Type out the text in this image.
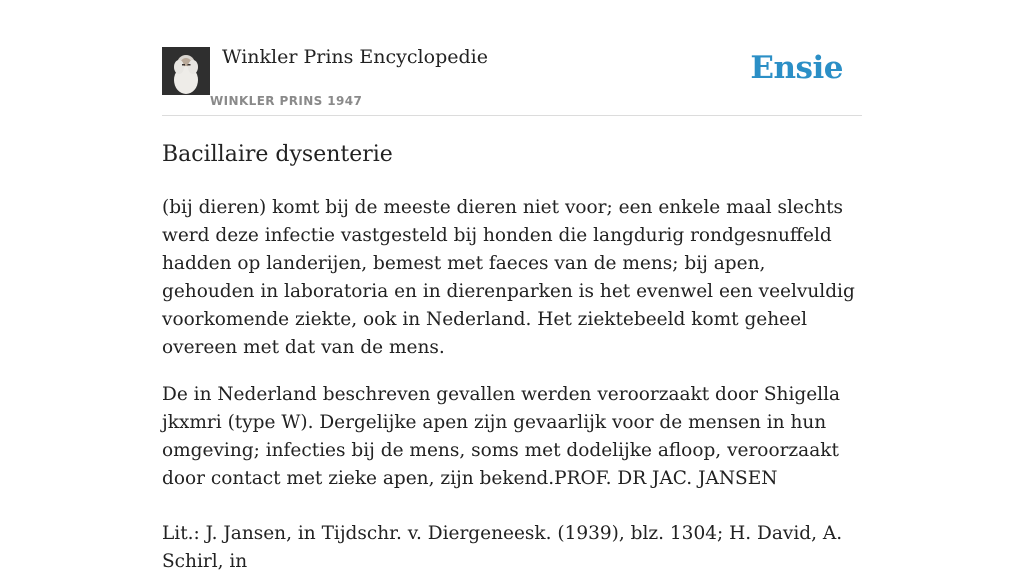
Winkler Prins Encyclopedie
WINKLER PRINS 1947
Ensie
Bacillaire dysenterie

(bij dieren) komt bij de meeste dieren niet voor; een enkele maal slechts werd deze infectie vastgesteld bij honden die langdurig rondgesnuffeld hadden op landerijen, bemest met faeces van de mens; bij apen, gehouden in laboratoria en in dierenparken is het evenwel een veelvuldig voorkomende ziekte, ook in Nederland. Het ziektebeeld komt geheel overeen met dat van de mens.

De in Nederland beschreven gevallen werden veroorzaakt door Shigella jkxmri (type W). Dergelijke apen zijn gevaarlijk voor de mensen in hun omgeving; infecties bij de mens, soms met dodelijke afloop, veroorzaakt door contact met zieke apen, zijn bekend.PROF. DR JAC. JANSEN

Lit.: J. Jansen, in Tijdschr. v. Diergeneesk. (1939), blz. 1304; H. David, A. Schirl, in
